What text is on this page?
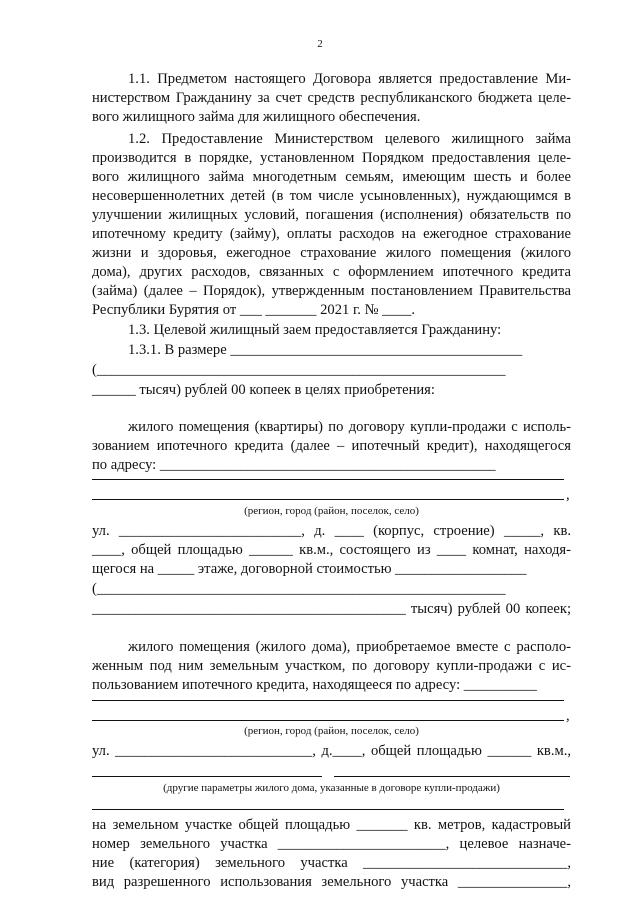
2
1.1. Предметом настоящего Договора является предоставление Ми-
нистерством Гражданину за счет средств республиканского бюджета целе-
вого жилищного займа для жилищного обеспечения.
1.2. Предоставление Министерством целевого жилищного займа
производится в порядке, установленном Порядком предоставления целе-
вого жилищного займа многодетным семьям, имеющим шесть и более
несовершеннолетних детей (в том числе усыновленных), нуждающимся в
улучшении жилищных условий, погашения (исполнения) обязательств по
ипотечному кредиту (займу), оплаты расходов на ежегодное страхование
жизни и здоровья, ежегодное страхование жилого помещения (жилого
дома), других расходов, связанных с оформлением ипотечного кредита
(займа) (далее – Порядок), утвержденным постановлением Правительства
Республики Бурятия от ___ _______ 2021 г. № ____.
1.3. Целевой жилищный заем предоставляется Гражданину:
1.3.1. В размере ________________________________________
(________________________________________________________
______ тысяч) рублей 00 копеек в целях приобретения:
жилого помещения (квартиры) по договору купли-продажи с исполь-
зованием ипотечного кредита (далее – ипотечный кредит), находящегося
по адресу: ______________________________________________
,
(регион, город (район, поселок, село)
ул. _________________________, д. ____ (корпус, строение) _____, кв.
____, общей площадью ______ кв.м., состоящего из ____ комнат, находя-
щегося на _____ этаже, договорной стоимостью __________________
(________________________________________________________
___________________________________________ тысяч) рублей 00 копеек;
жилого помещения (жилого дома), приобретаемое вместе с располо-
женным под ним земельным участком, по договору купли-продажи с ис-
пользованием ипотечного кредита, находящееся по адресу: __________
,
(регион, город (район, поселок, село)
ул. ___________________________, д.____, общей площадью ______ кв.м.,
(другие параметры жилого дома, указанные в договоре купли-продажи)
на земельном участке общей площадью _______ кв. метров, кадастровый
номер земельного участка _______________________, целевое назначе-
ние (категория) земельного участка ____________________________,
вид разрешенного использования земельного участка _______________,
